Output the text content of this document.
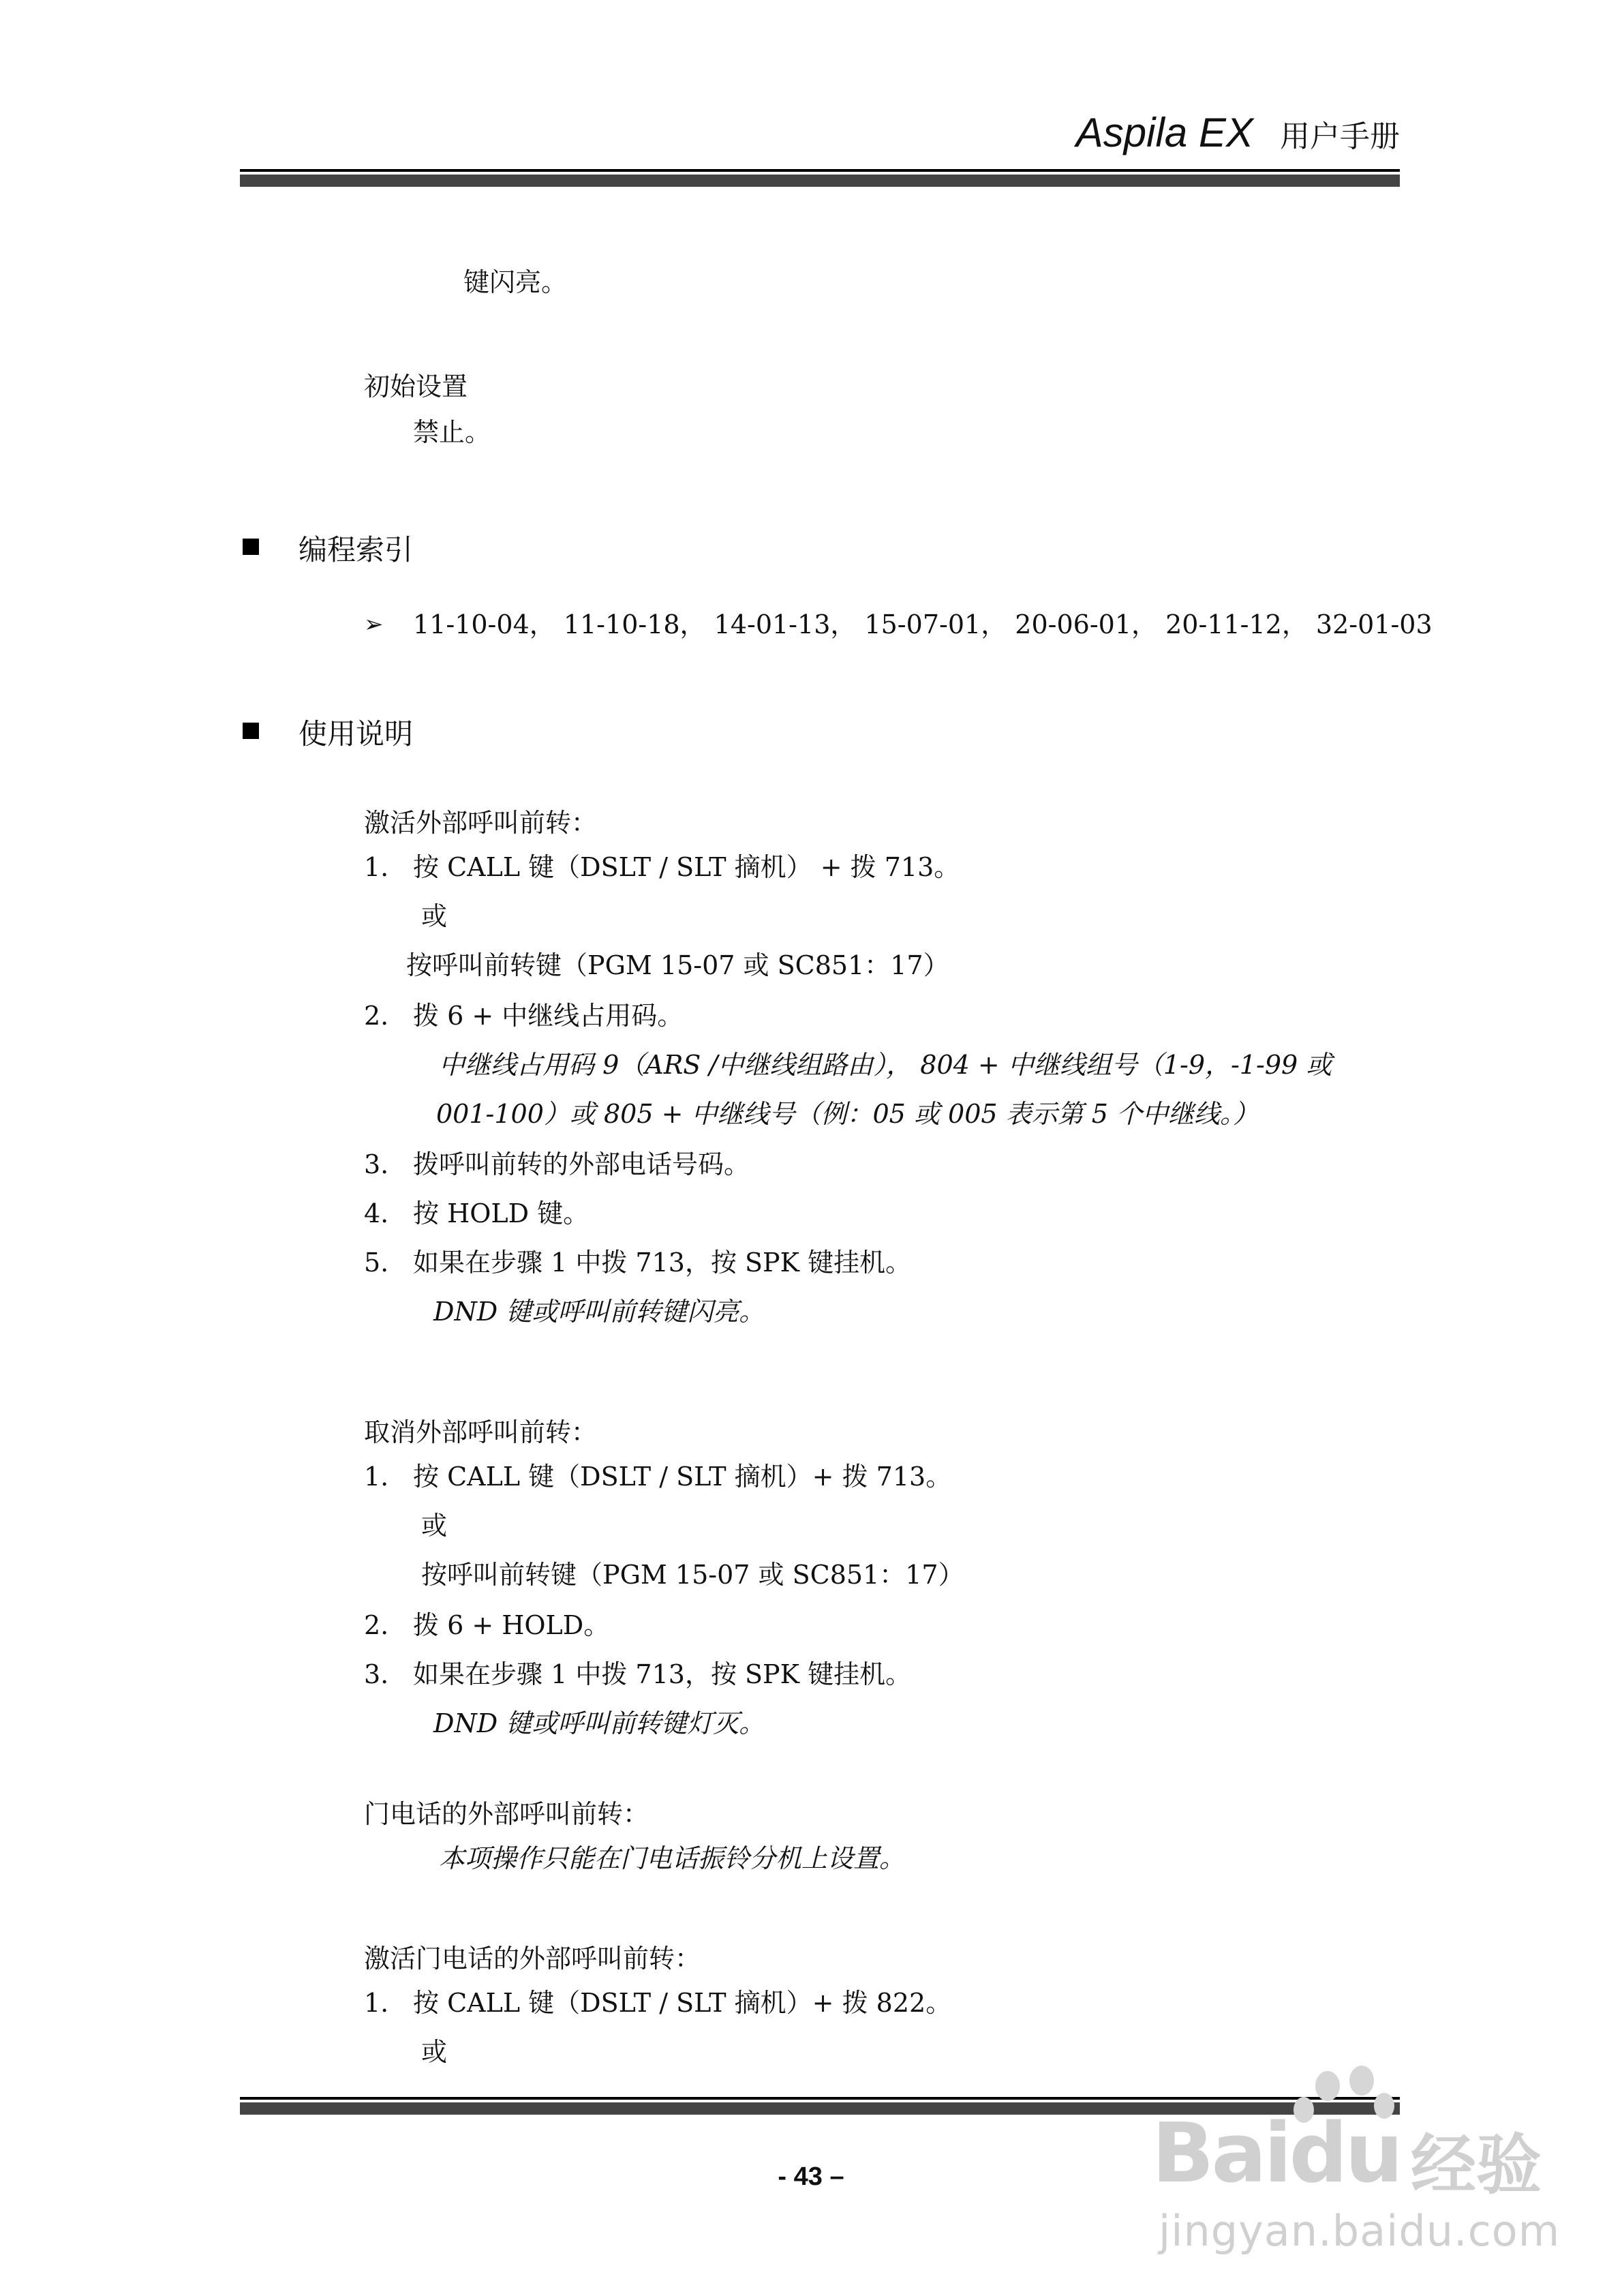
Aspila EX 用户手册
键闪亮。
初始设置
禁止。
编程索引
➢ 11-10-04， 11-10-18， 14-01-13， 15-07-01， 20-06-01， 20-11-12， 32-01-03
使用说明
激活外部呼叫前转：
1. 按 CALL 键（DSLT / SLT 摘机） + 拨 713。
或
按呼叫前转键（PGM 15-07 或 SC851：17）
2. 拨 6 + 中继线占用码。
中继线占用码 9（ARS /中继线组路由）， 804 + 中继线组号（1-9，-1-99 或
001-100）或 805 + 中继线号（例：05 或 005 表示第 5 个中继线。）
3. 拨呼叫前转的外部电话号码。
4. 按 HOLD 键。
5. 如果在步骤 1 中拨 713，按 SPK 键挂机。
DND 键或呼叫前转键闪亮。
取消外部呼叫前转：
1. 按 CALL 键（DSLT / SLT 摘机）+ 拨 713。
或
按呼叫前转键（PGM 15-07 或 SC851：17）
2. 拨 6 + HOLD。
3. 如果在步骤 1 中拨 713，按 SPK 键挂机。
DND 键或呼叫前转键灯灭。
门电话的外部呼叫前转：
本项操作只能在门电话振铃分机上设置。
激活门电话的外部呼叫前转：
1. 按 CALL 键（DSLT / SLT 摘机）+ 拨 822。
或
- 43 –	Baidu 经验
jingyan.baidu.com
